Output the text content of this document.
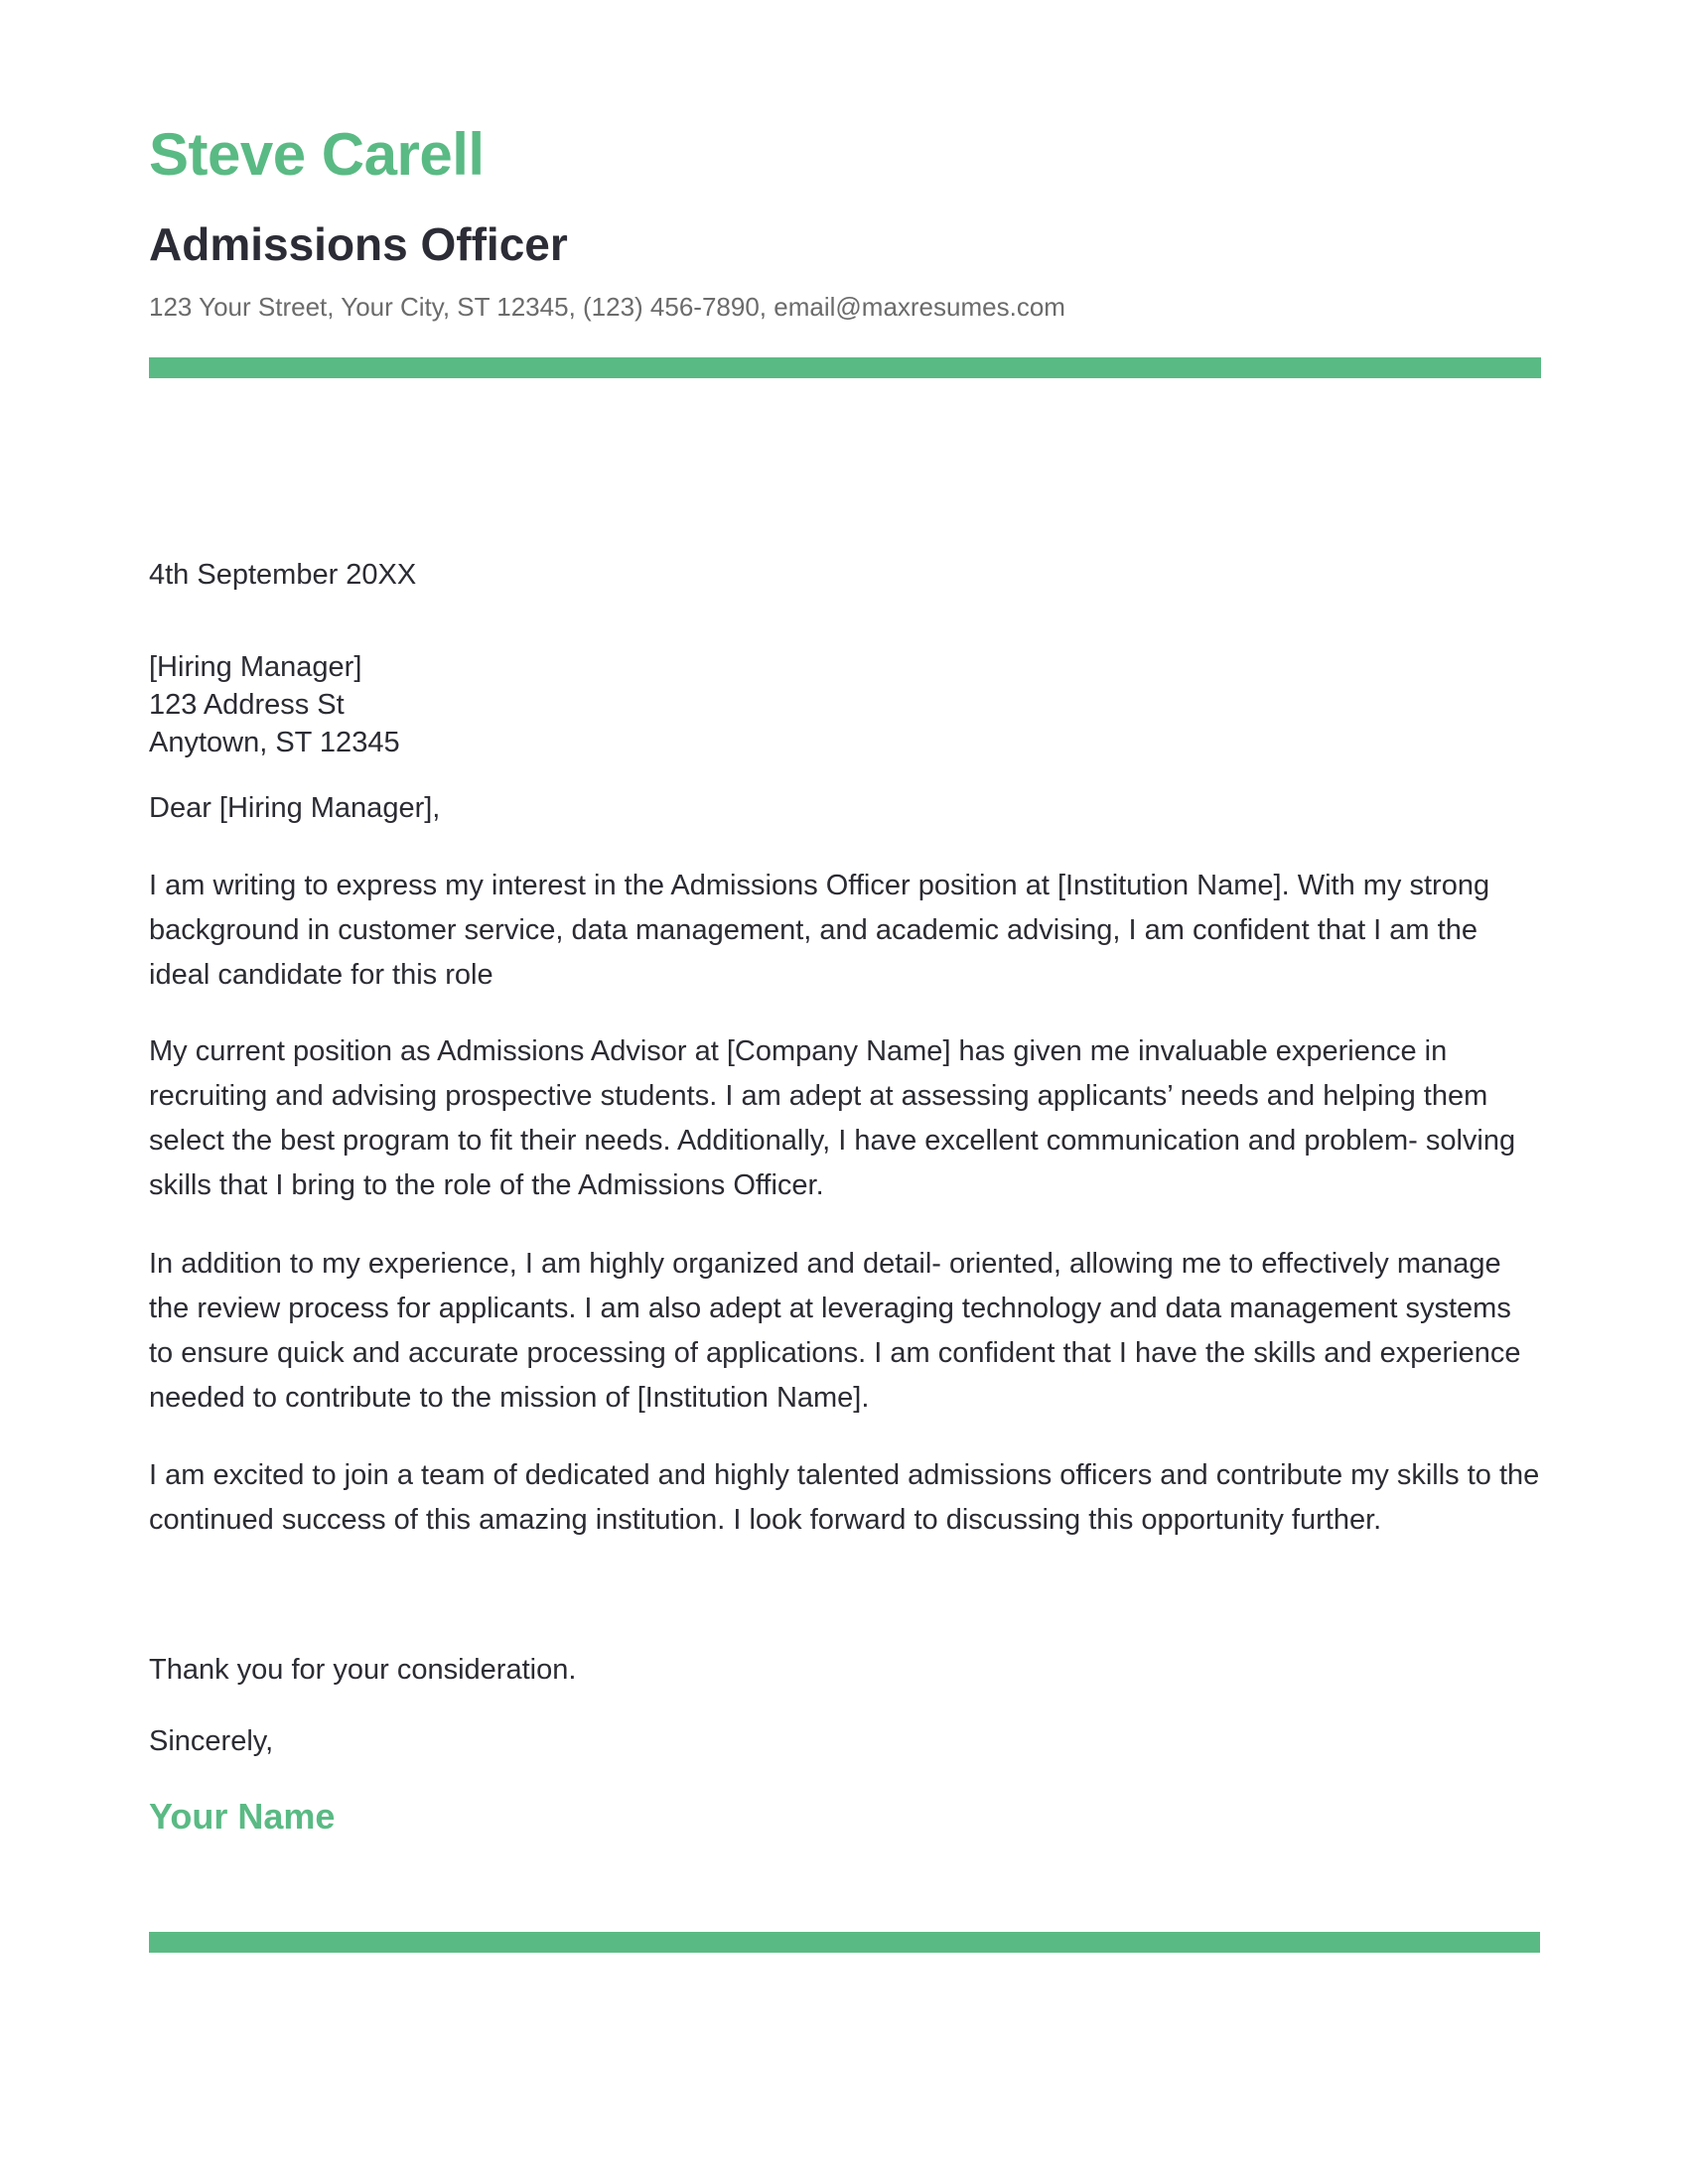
Steve Carell
Admissions Officer
123 Your Street, Your City, ST 12345, (123) 456-7890, email@maxresumes.com
4th September 20XX
[Hiring Manager]
123 Address St
Anytown, ST 12345
Dear [Hiring Manager],
I am writing to express my interest in the Admissions Officer position at [Institution Name]. With my strong background in customer service, data management, and academic advising, I am confident that I am the ideal candidate for this role
My current position as Admissions Advisor at [Company Name] has given me invaluable experience in recruiting and advising prospective students. I am adept at assessing applicants’ needs and helping them select the best program to fit their needs. Additionally, I have excellent communication and problem- solving skills that I bring to the role of the Admissions Officer.
In addition to my experience, I am highly organized and detail- oriented, allowing me to effectively manage the review process for applicants. I am also adept at leveraging technology and data management systems to ensure quick and accurate processing of applications. I am confident that I have the skills and experience needed to contribute to the mission of [Institution Name].
I am excited to join a team of dedicated and highly talented admissions officers and contribute my skills to the continued success of this amazing institution. I look forward to discussing this opportunity further.
Thank you for your consideration.
Sincerely,
Your Name
